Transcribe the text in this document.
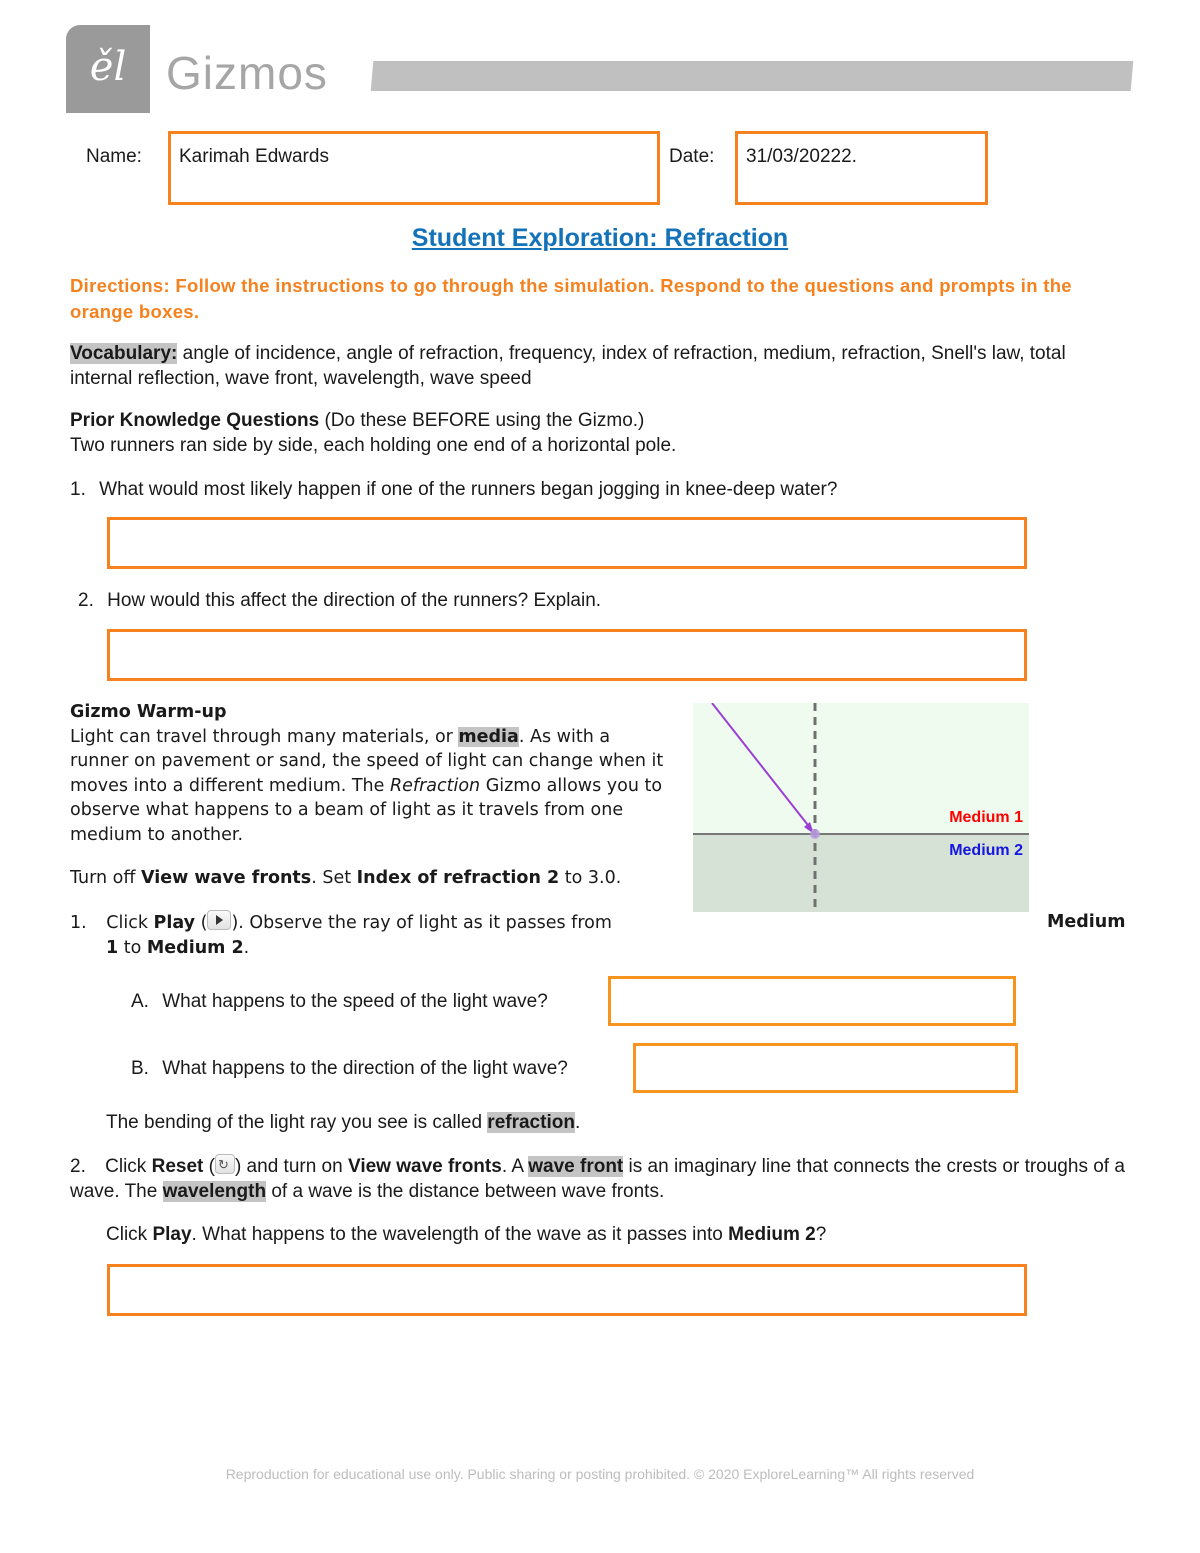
ěl Gizmos
Name:	Karimah Edwards	Date:	31/03/20222.
Student Exploration: Refraction
Directions: Follow the instructions to go through the simulation. Respond to the questions and prompts in the orange boxes.
Vocabulary: angle of incidence, angle of refraction, frequency, index of refraction, medium, refraction, Snell's law, total internal reflection, wave front, wavelength, wave speed
Prior Knowledge Questions (Do these BEFORE using the Gizmo.)
Two runners ran side by side, each holding one end of a horizontal pole.
1. What would most likely happen if one of the runners began jogging in knee-deep water?
2. How would this affect the direction of the runners? Explain.
Gizmo Warm-up
Light can travel through many materials, or media. As with a runner on pavement or sand, the speed of light can change when it moves into a different medium. The Refraction Gizmo allows you to observe what happens to a beam of light as it travels from one medium to another.
Turn off View wave fronts. Set Index of refraction 2 to 3.0.
Medium 1
Medium 2
1. Click Play ( ). Observe the ray of light as it passes from	Medium
1 to Medium 2.
A. What happens to the speed of the light wave?
B. What happens to the direction of the light wave?
The bending of the light ray you see is called refraction.
2. Click Reset ( ↻ ) and turn on View wave fronts. A wave front is an imaginary line that connects the crests or troughs of a wave. The wavelength of a wave is the distance between wave fronts.
Click Play. What happens to the wavelength of the wave as it passes into Medium 2?
Reproduction for educational use only. Public sharing or posting prohibited. © 2020 ExploreLearning™ All rights reserved
